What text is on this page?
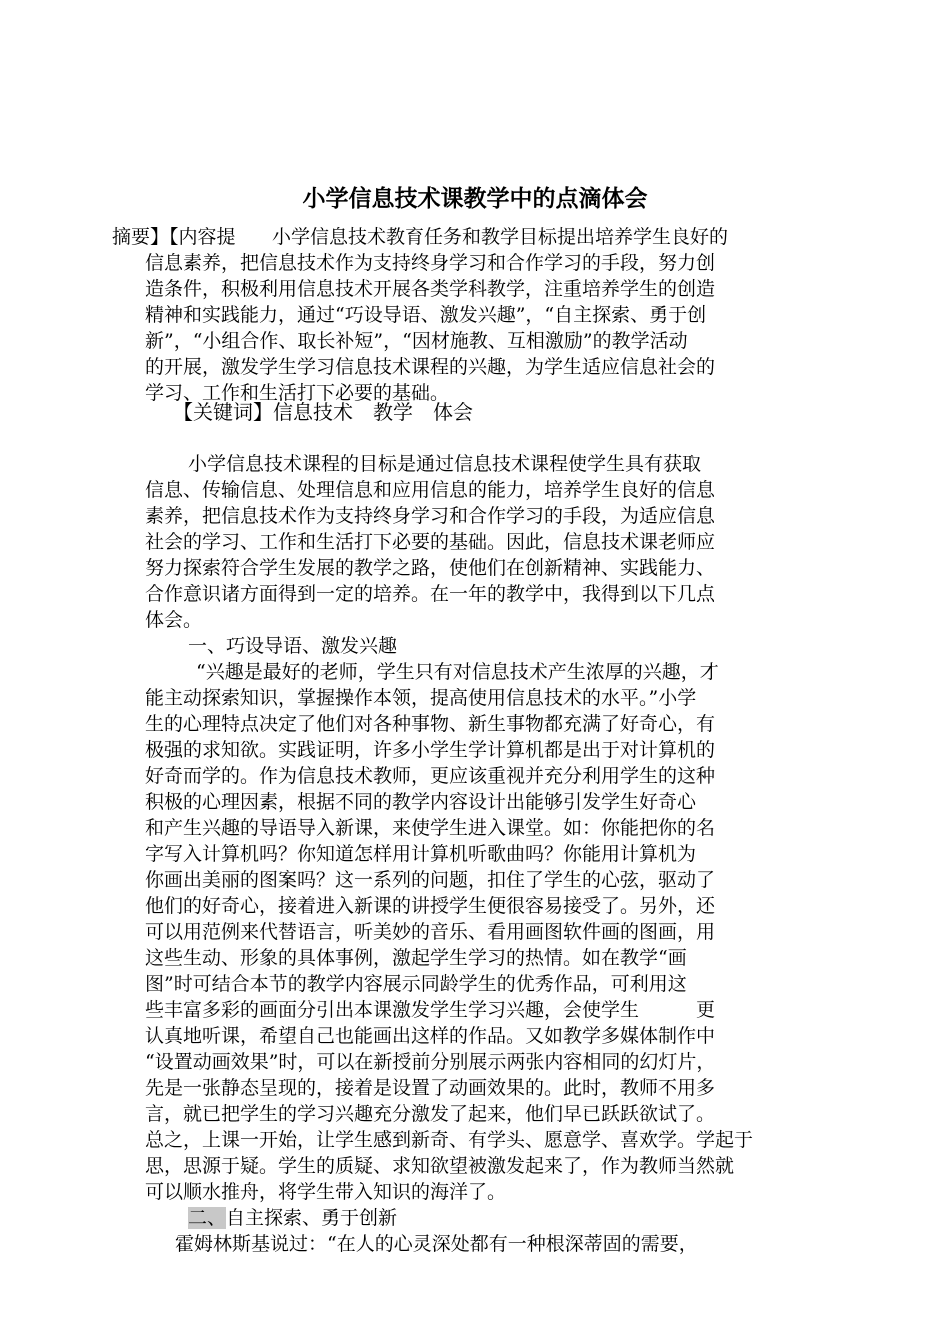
小学信息技术课教学中的点滴体会
摘要】【内容提 小学信息技术教育任务和教学目标提出培养学生良好的
信息素养，把信息技术作为支持终身学习和合作学习的手段，努力创
造条件，积极利用信息技术开展各类学科教学，注重培养学生的创造
精神和实践能力，通过“巧设导语、激发兴趣”，“自主探索、勇于创
新”，“小组合作、取长补短”，“因材施教、互相激励”的教学活动
的开展，激发学生学习信息技术课程的兴趣，为学生适应信息社会的
学习、工作和生活打下必要的基础。
【关键词】信息技术　教学　体会
小学信息技术课程的目标是通过信息技术课程使学生具有获取
信息、传输信息、处理信息和应用信息的能力，培养学生良好的信息
素养，把信息技术作为支持终身学习和合作学习的手段，为适应信息
社会的学习、工作和生活打下必要的基础。因此，信息技术课老师应
努力探索符合学生发展的教学之路，使他们在创新精神、实践能力、
合作意识诸方面得到一定的培养。在一年的教学中，我得到以下几点
体会。
一、巧设导语、激发兴趣
“兴趣是最好的老师，学生只有对信息技术产生浓厚的兴趣，才
能主动探索知识，掌握操作本领，提高使用信息技术的水平。”小学
生的心理特点决定了他们对各种事物、新生事物都充满了好奇心，有
极强的求知欲。实践证明，许多小学生学计算机都是出于对计算机的
好奇而学的。作为信息技术教师，更应该重视并充分利用学生的这种
积极的心理因素，根据不同的教学内容设计出能够引发学生好奇心
和产生兴趣的导语导入新课，来使学生进入课堂。如：你能把你的名
字写入计算机吗？你知道怎样用计算机听歌曲吗？你能用计算机为
你画出美丽的图案吗？这一系列的问题，扣住了学生的心弦，驱动了
他们的好奇心，接着进入新课的讲授学生便很容易接受了。另外，还
可以用范例来代替语言，听美妙的音乐、看用画图软件画的图画，用
这些生动、形象的具体事例，激起学生学习的热情。如在教学“画
图”时可结合本节的教学内容展示同龄学生的优秀作品，可利用这
些丰富多彩的画面分引出本课激发学生学习兴趣，会使学生　　　更
认真地听课，希望自己也能画出这样的作品。又如教学多媒体制作中
“设置动画效果”时，可以在新授前分别展示两张内容相同的幻灯片，
先是一张静态呈现的，接着是设置了动画效果的。此时，教师不用多
言，就已把学生的学习兴趣充分激发了起来，他们早已跃跃欲试了。
总之，上课一开始，让学生感到新奇、有学头、愿意学、喜欢学。学起于
思，思源于疑。学生的质疑、求知欲望被激发起来了，作为教师当然就
可以顺水推舟，将学生带入知识的海洋了。
二、自主探索、勇于创新
霍姆林斯基说过：“在人的心灵深处都有一种根深蒂固的需要，
